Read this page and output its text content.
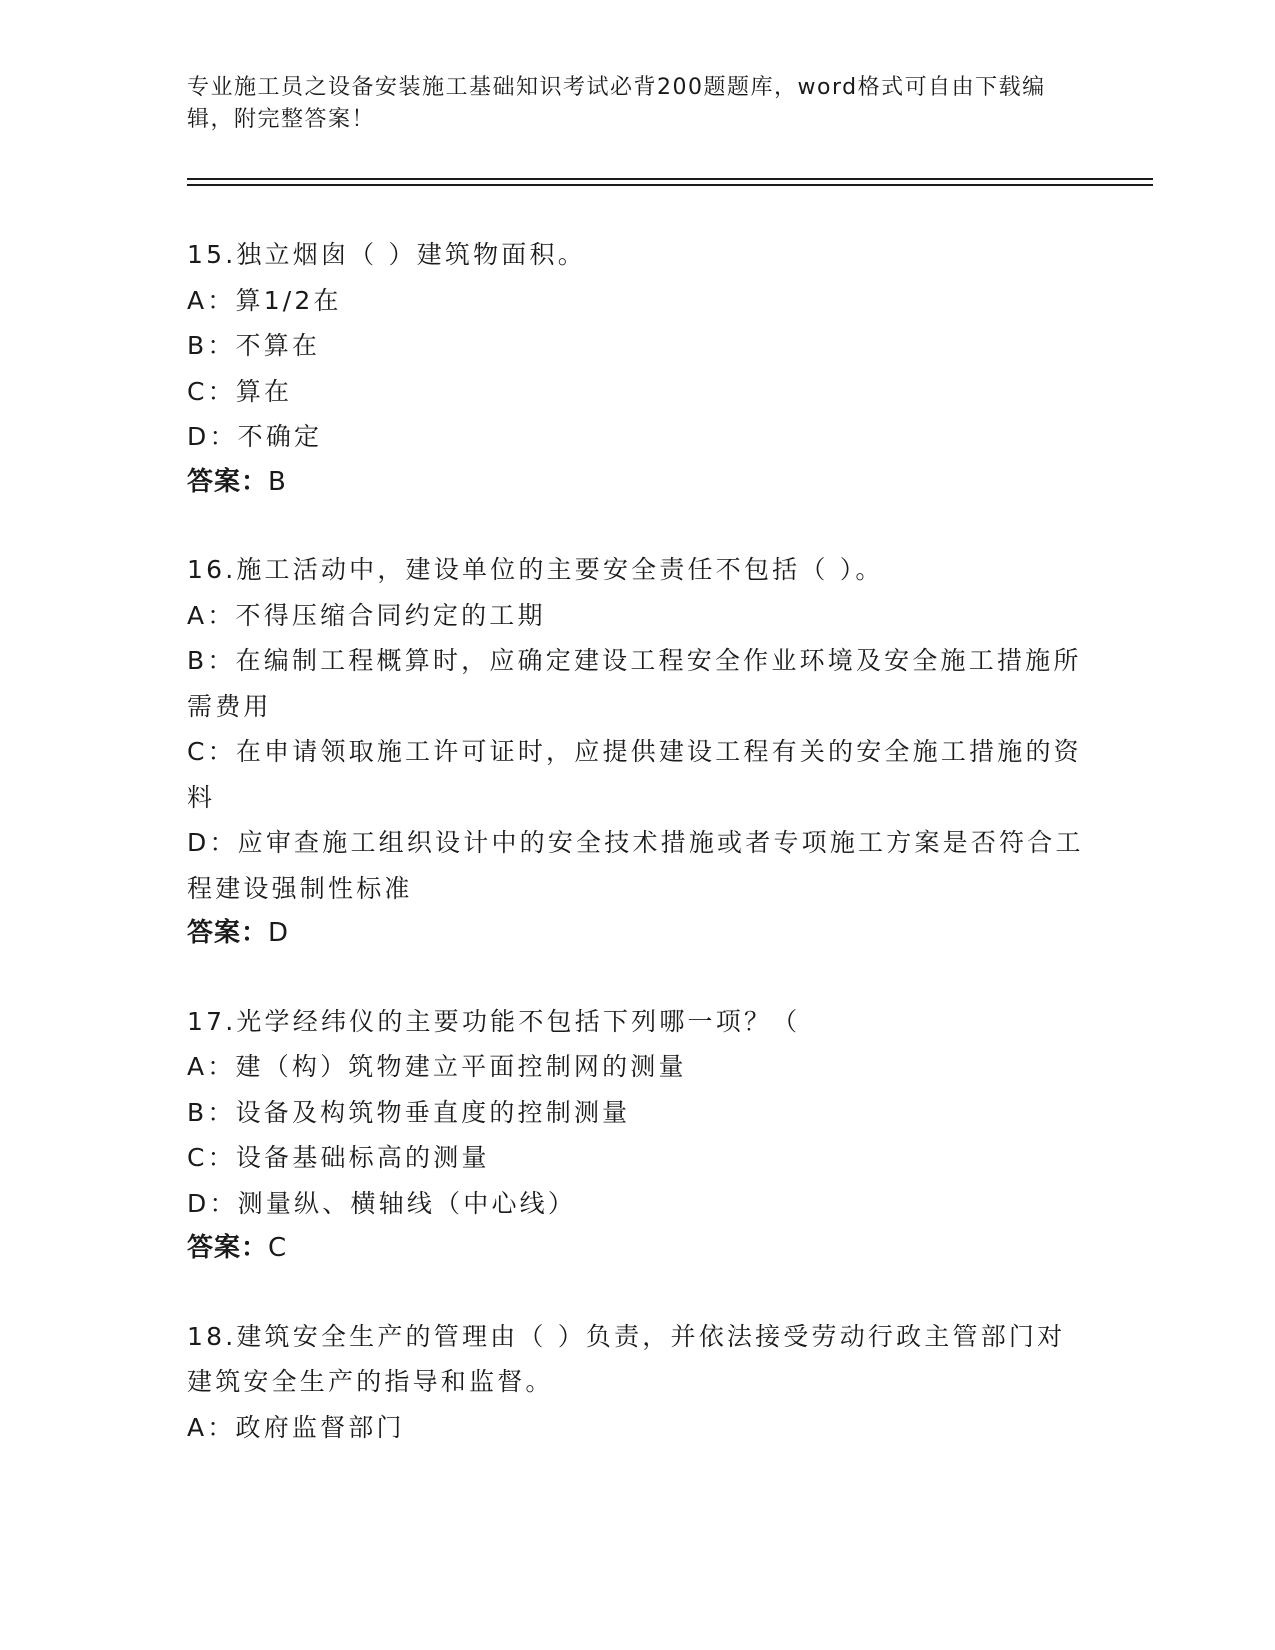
专业施工员之设备安装施工基础知识考试必背200题题库，word格式可自由下载编辑，附完整答案！
15.独立烟囱（ ）建筑物面积。
A：算1/2在
B：不算在
C：算在
D：不确定
答案：B
16.施工活动中，建设单位的主要安全责任不包括（ ）。
A：不得压缩合同约定的工期
B：在编制工程概算时，应确定建设工程安全作业环境及安全施工措施所需费用
C：在申请领取施工许可证时，应提供建设工程有关的安全施工措施的资料
D：应审查施工组织设计中的安全技术措施或者专项施工方案是否符合工程建设强制性标准
答案：D
17.光学经纬仪的主要功能不包括下列哪一项？（
A：建（构）筑物建立平面控制网的测量
B：设备及构筑物垂直度的控制测量
C：设备基础标高的测量
D：测量纵、横轴线（中心线）
答案：C
18.建筑安全生产的管理由（ ）负责，并依法接受劳动行政主管部门对建筑安全生产的指导和监督。
A：政府监督部门
